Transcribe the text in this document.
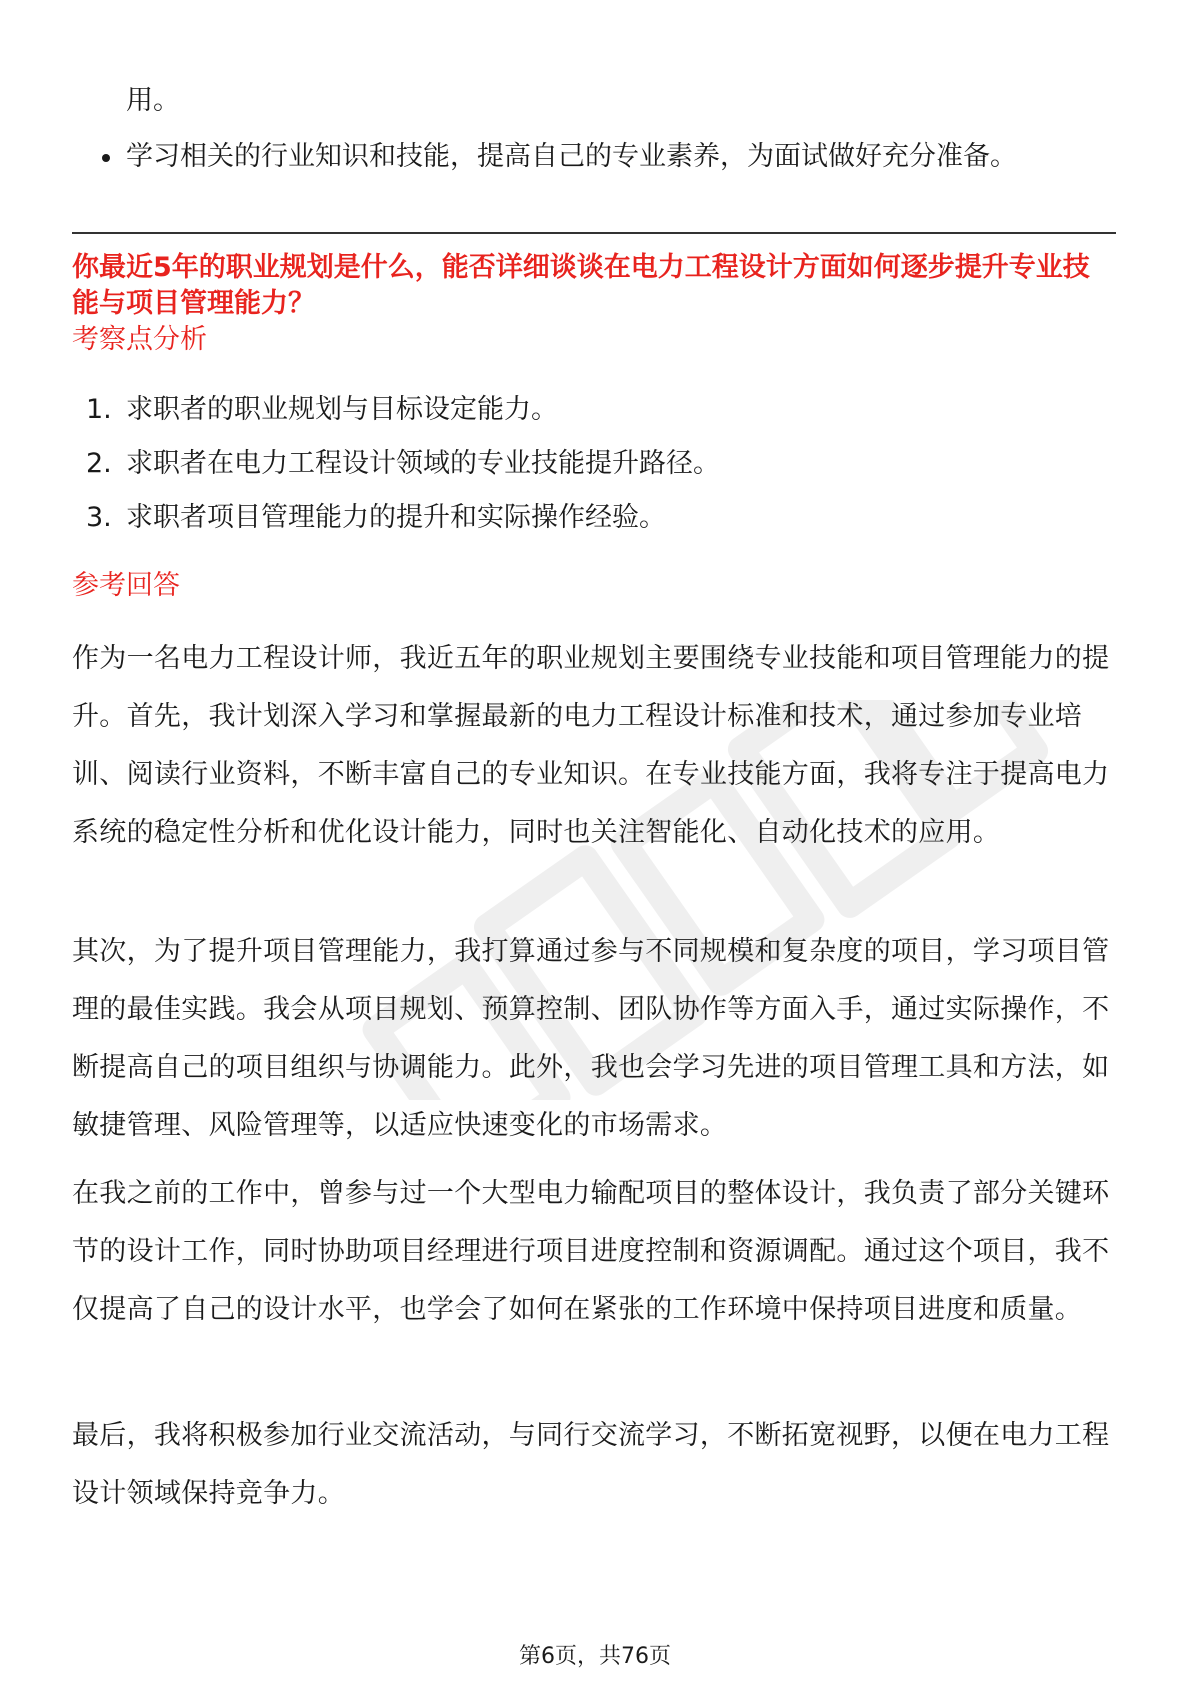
用。

学习相关的行业知识和技能，提高自己的专业素养，为面试做好充分准备。

你最近5年的职业规划是什么，能否详细谈谈在电力工程设计方面如何逐步提升专业技能与项目管理能力？

考察点分析
1. 求职者的职业规划与目标设定能力。
2. 求职者在电力工程设计领域的专业技能提升路径。
3. 求职者项目管理能力的提升和实际操作经验。
参考回答

作为一名电力工程设计师，我近五年的职业规划主要围绕专业技能和项目管理能力的提升。首先，我计划深入学习和掌握最新的电力工程设计标准和技术，通过参加专业培训、阅读行业资料，不断丰富自己的专业知识。在专业技能方面，我将专注于提高电力系统的稳定性分析和优化设计能力，同时也关注智能化、自动化技术的应用。

其次，为了提升项目管理能力，我打算通过参与不同规模和复杂度的项目，学习项目管理的最佳实践。我会从项目规划、预算控制、团队协作等方面入手，通过实际操作，不断提高自己的项目组织与协调能力。此外，我也会学习先进的项目管理工具和方法，如敏捷管理、风险管理等，以适应快速变化的市场需求。

在我之前的工作中，曾参与过一个大型电力输配项目的整体设计，我负责了部分关键环节的设计工作，同时协助项目经理进行项目进度控制和资源调配。通过这个项目，我不仅提高了自己的设计水平，也学会了如何在紧张的工作环境中保持项目进度和质量。

最后，我将积极参加行业交流活动，与同行交流学习，不断拓宽视野，以便在电力工程设计领域保持竞争力。

第6页，共76页
